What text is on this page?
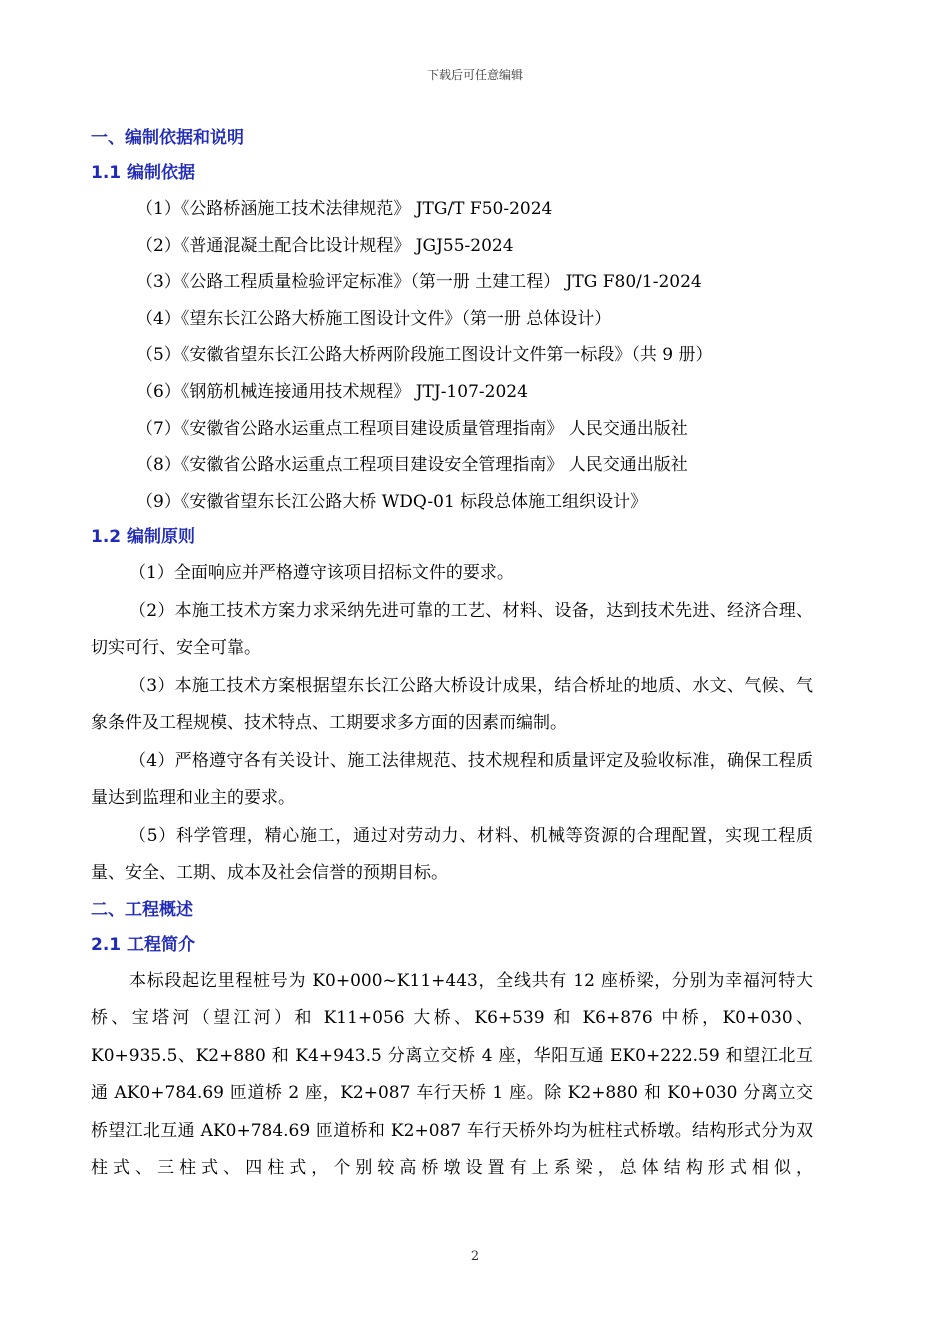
下载后可任意编辑
一、编制依据和说明
1.1 编制依据
（1）《公路桥涵施工技术法律规范》 JTG/T F50-2024
（2）《普通混凝土配合比设计规程》 JGJ55-2024
（3）《公路工程质量检验评定标准》（第一册 土建工程） JTG F80/1-2024
（4）《望东长江公路大桥施工图设计文件》（第一册 总体设计）
（5）《安徽省望东长江公路大桥两阶段施工图设计文件第一标段》（共 9 册）
（6）《钢筋机械连接通用技术规程》 JTJ-107-2024
（7）《安徽省公路水运重点工程项目建设质量管理指南》 人民交通出版社
（8）《安徽省公路水运重点工程项目建设安全管理指南》 人民交通出版社
（9）《安徽省望东长江公路大桥 WDQ-01 标段总体施工组织设计》
1.2 编制原则
（1）全面响应并严格遵守该项目招标文件的要求。
（2）本施工技术方案力求采纳先进可靠的工艺、材料、设备，达到技术先进、经济合理、切实可行、安全可靠。
（3）本施工技术方案根据望东长江公路大桥设计成果，结合桥址的地质、水文、气候、气象条件及工程规模、技术特点、工期要求多方面的因素而编制。
（4）严格遵守各有关设计、施工法律规范、技术规程和质量评定及验收标准，确保工程质量达到监理和业主的要求。
（5）科学管理，精心施工，通过对劳动力、材料、机械等资源的合理配置，实现工程质量、安全、工期、成本及社会信誉的预期目标。
二、工程概述
2.1 工程简介
本标段起讫里程桩号为 K0+000~K11+443，全线共有 12 座桥梁，分别为幸福河特大桥、宝塔河（望江河）和 K11+056 大桥、K6+539 和 K6+876 中桥，K0+030、K0+935.5、K2+880 和 K4+943.5 分离立交桥 4 座，华阳互通 EK0+222.59 和望江北互通 AK0+784.69 匝道桥 2 座，K2+087 车行天桥 1 座。除 K2+880 和 K0+030 分离立交桥望江北互通 AK0+784.69 匝道桥和 K2+087 车行天桥外均为桩柱式桥墩。结构形式分为双柱式、三柱式、四柱式，个别较高桥墩设置有上系梁，总体结构形式相似，
2
